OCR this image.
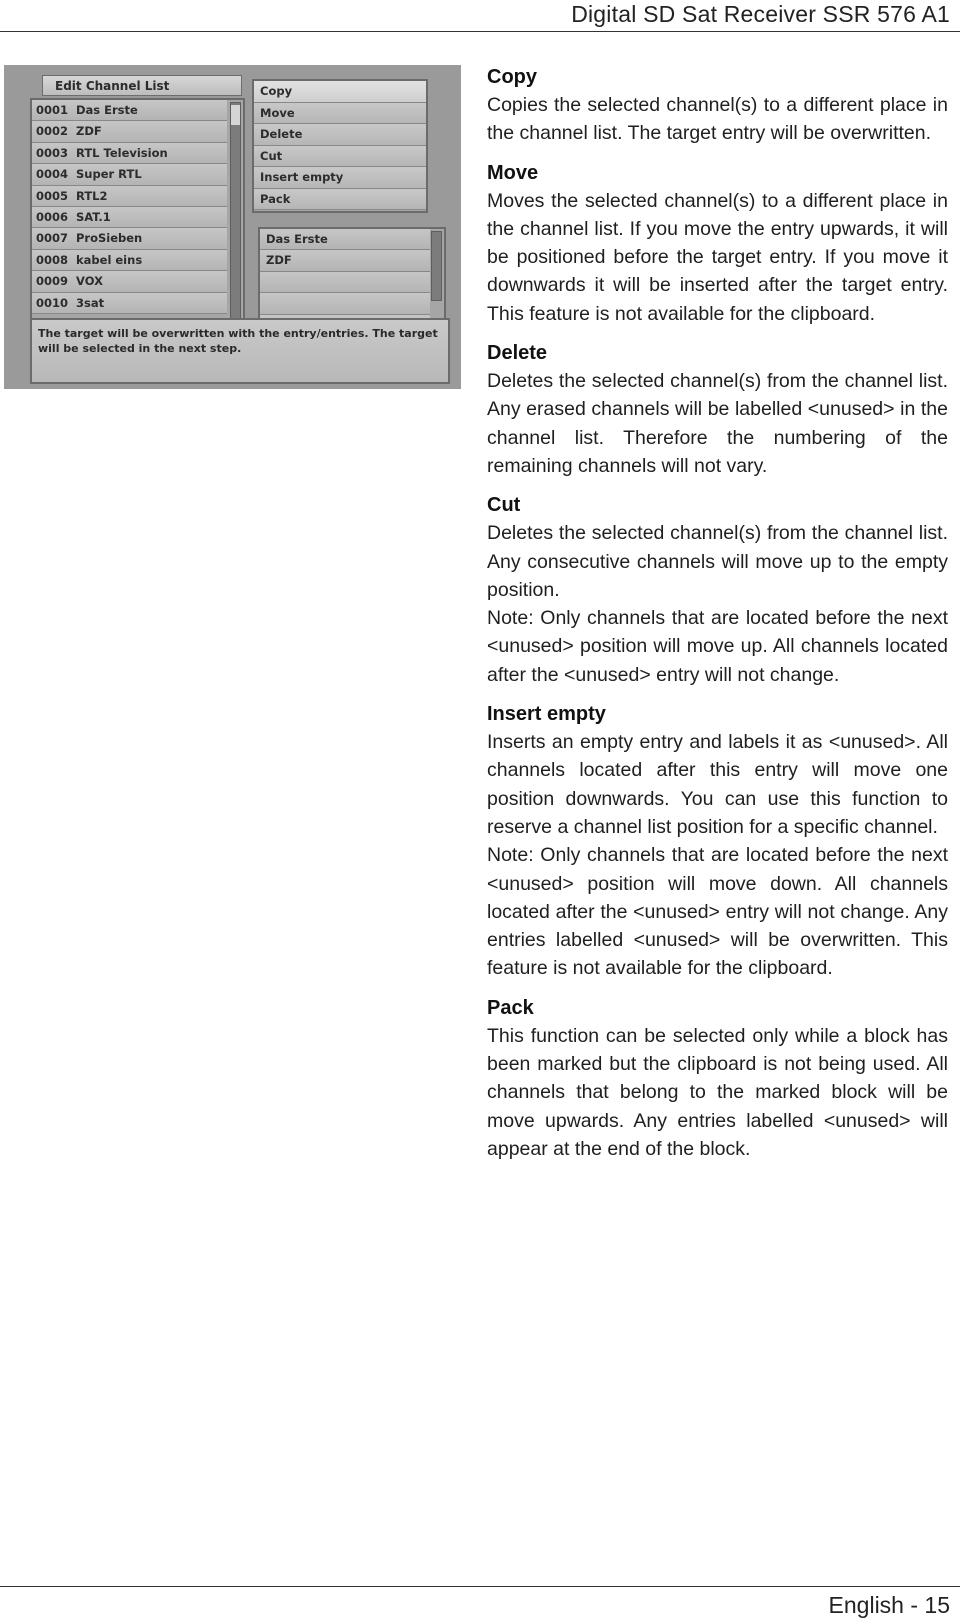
Digital SD Sat Receiver SSR 576 A1
Edit Channel List
0001 Das Erste
0002 ZDF
0003 RTL Television
0004 Super RTL
0005 RTL2
0006 SAT.1
0007 ProSieben
0008 kabel eins
0009 VOX
0010 3sat
Copy
Move
Delete
Cut
Insert empty
Pack
Das Erste
ZDF
The target will be overwritten with the entry/entries. The target will be selected in the next step.
Copy

Copies the selected channel(s) to a different place in the channel list. The target entry will be overwritten.

Move

Moves the selected channel(s) to a different place in the channel list. If you move the entry upwards, it will be positioned before the target entry. If you move it downwards it will be inserted after the target entry. This feature is not available for the clipboard.

Delete

Deletes the selected channel(s) from the channel list. Any erased channels will be labelled <unused> in the channel list. Therefore the numbering of the remaining channels will not vary.

Cut

Deletes the selected channel(s) from the channel list. Any consecutive channels will move up to the empty position.

Note: Only channels that are located before the next <unused> position will move up. All channels located after the <unused> entry will not change.

Insert empty

Inserts an empty entry and labels it as <unused>. All channels located after this entry will move one position downwards. You can use this function to reserve a channel list position for a specific channel.

Note: Only channels that are located before the next <unused> position will move down. All channels located after the <unused> entry will not change. Any entries labelled <unused> will be overwritten. This feature is not available for the clipboard.

Pack

This function can be selected only while a block has been marked but the clipboard is not being used. All channels that belong to the marked block will be move upwards. Any entries labelled <unused> will appear at the end of the block.

English - 15
